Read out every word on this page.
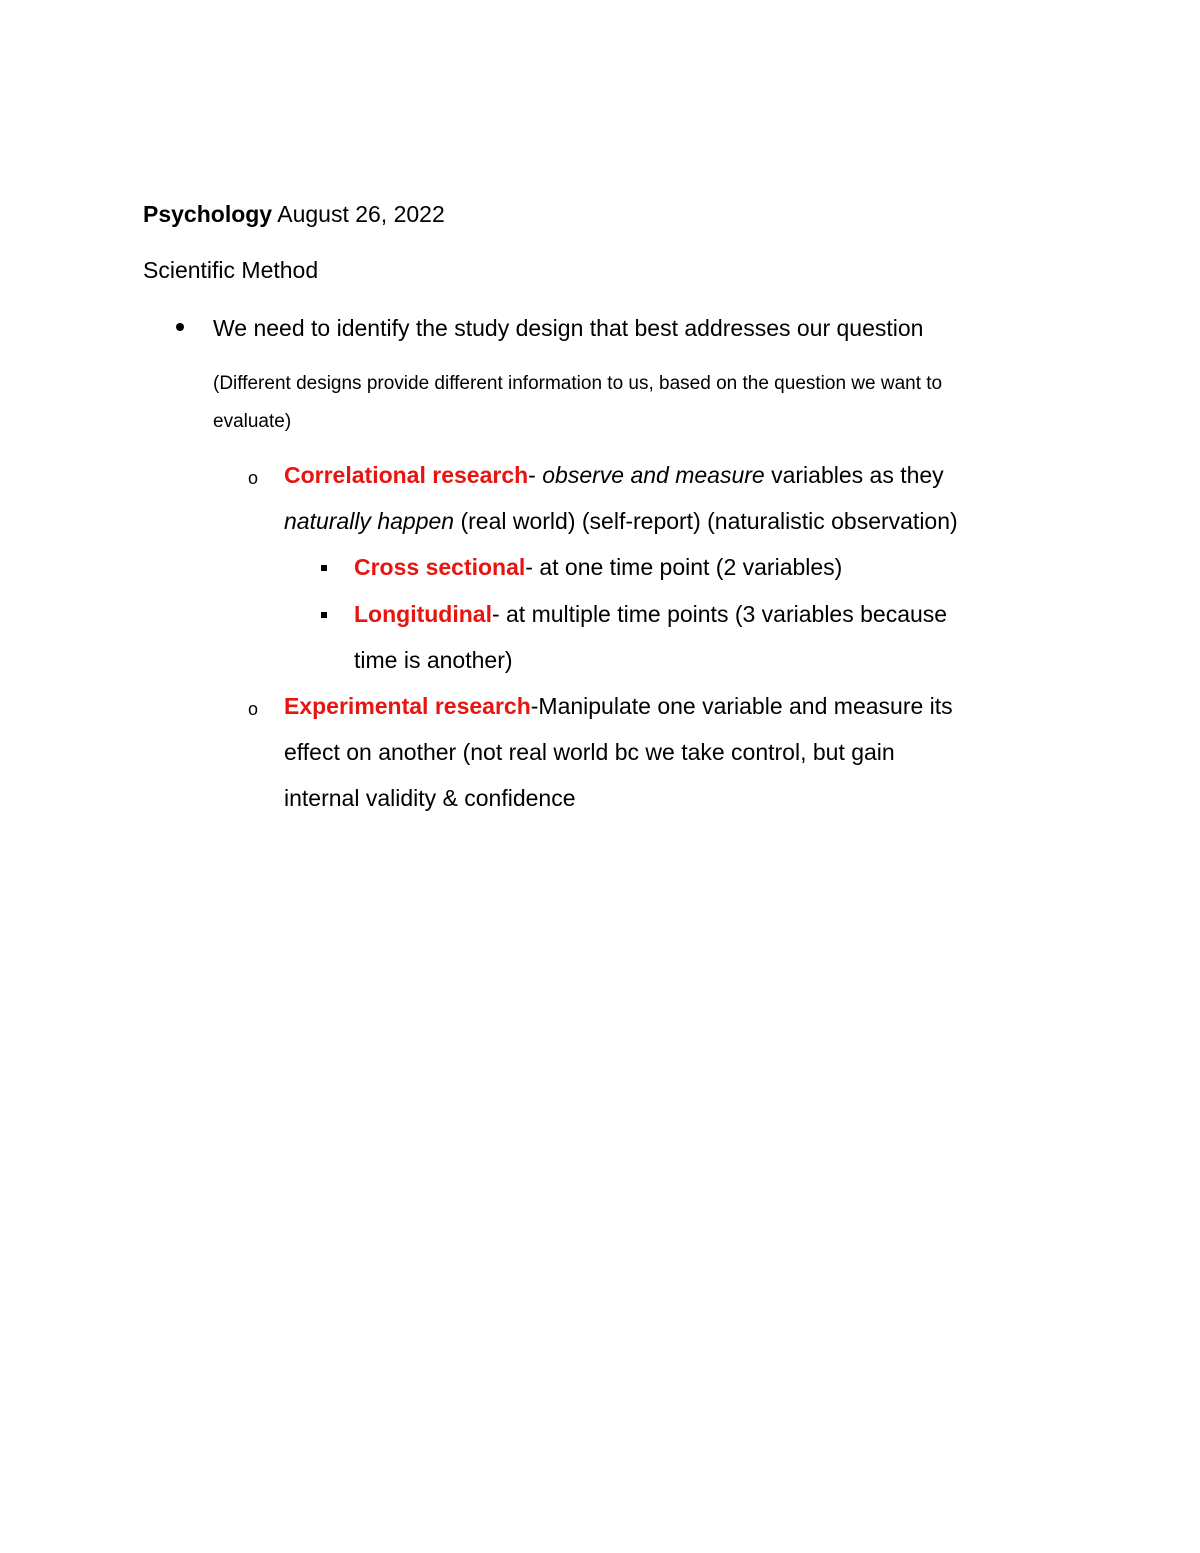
Psychology August 26, 2022
Scientific Method
We need to identify the study design that best addresses our question
(Different designs provide different information to us, based on the question we want to
evaluate)
o Correlational research- observe and measure variables as they
naturally happen (real world) (self-report) (naturalistic observation)
Cross sectional- at one time point (2 variables)
Longitudinal- at multiple time points (3 variables because
time is another)
o Experimental research-Manipulate one variable and measure its
effect on another (not real world bc we take control, but gain
internal validity & confidence
